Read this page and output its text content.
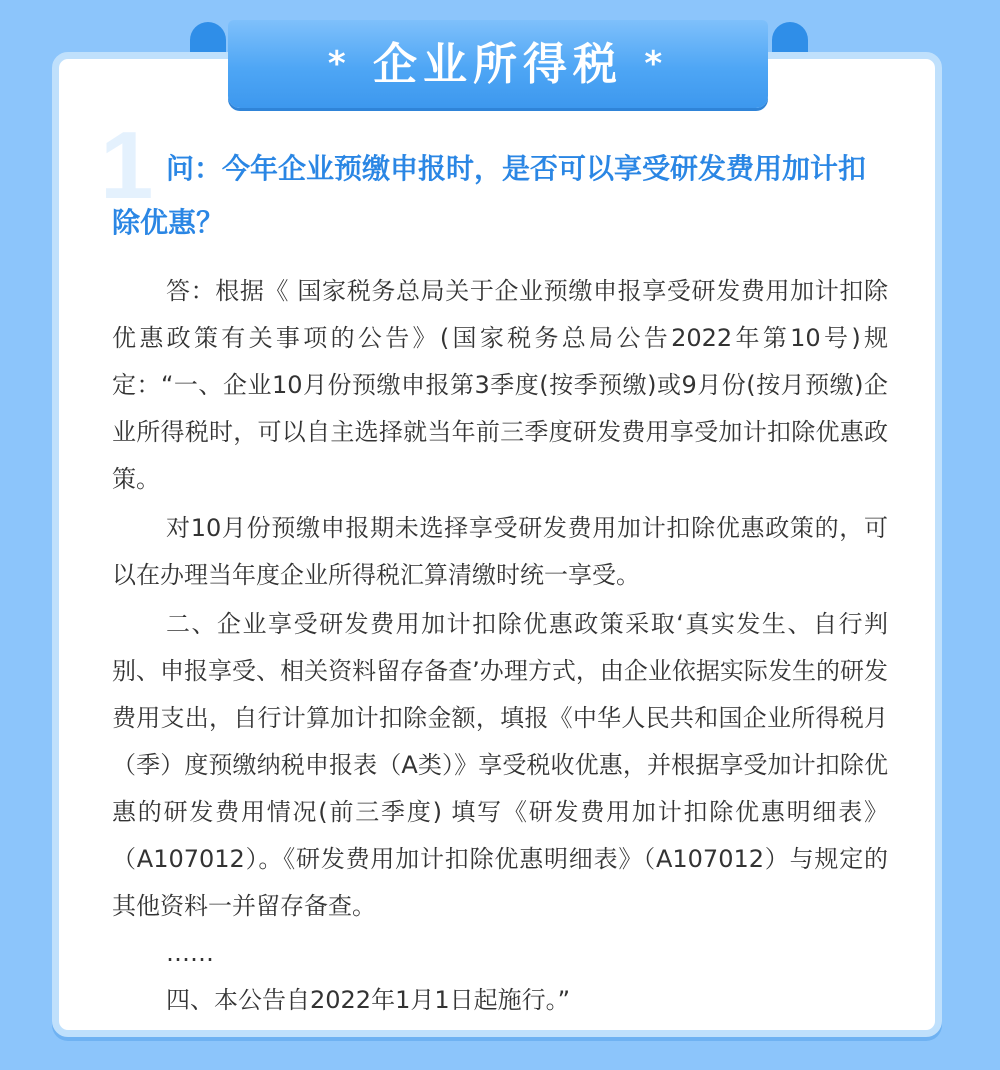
* 企业所得税 *
1 问：今年企业预缴申报时，是否可以享受研发费用加计扣除优惠？

答：根据《 国家税务总局关于企业预缴申报享受研发费用加计扣除优惠政策有关事项的公告》(国家税务总局公告2022年第10号)规定：“一、企业10月份预缴申报第3季度(按季预缴)或9月份(按月预缴)企业所得税时，可以自主选择就当年前三季度研发费用享受加计扣除优惠政策。

对10月份预缴申报期未选择享受研发费用加计扣除优惠政策的，可以在办理当年度企业所得税汇算清缴时统一享受。

二、企业享受研发费用加计扣除优惠政策采取‘真实发生、自行判别、申报享受、相关资料留存备查’办理方式，由企业依据实际发生的研发费用支出，自行计算加计扣除金额，填报《中华人民共和国企业所得税月（季）度预缴纳税申报表（A类）》享受税收优惠，并根据享受加计扣除优惠的研发费用情况(前三季度) 填写《研发费用加计扣除优惠明细表》（A107012）。《研发费用加计扣除优惠明细表》（A107012）与规定的其他资料一并留存备查。

……

四、本公告自2022年1月1日起施行。”
